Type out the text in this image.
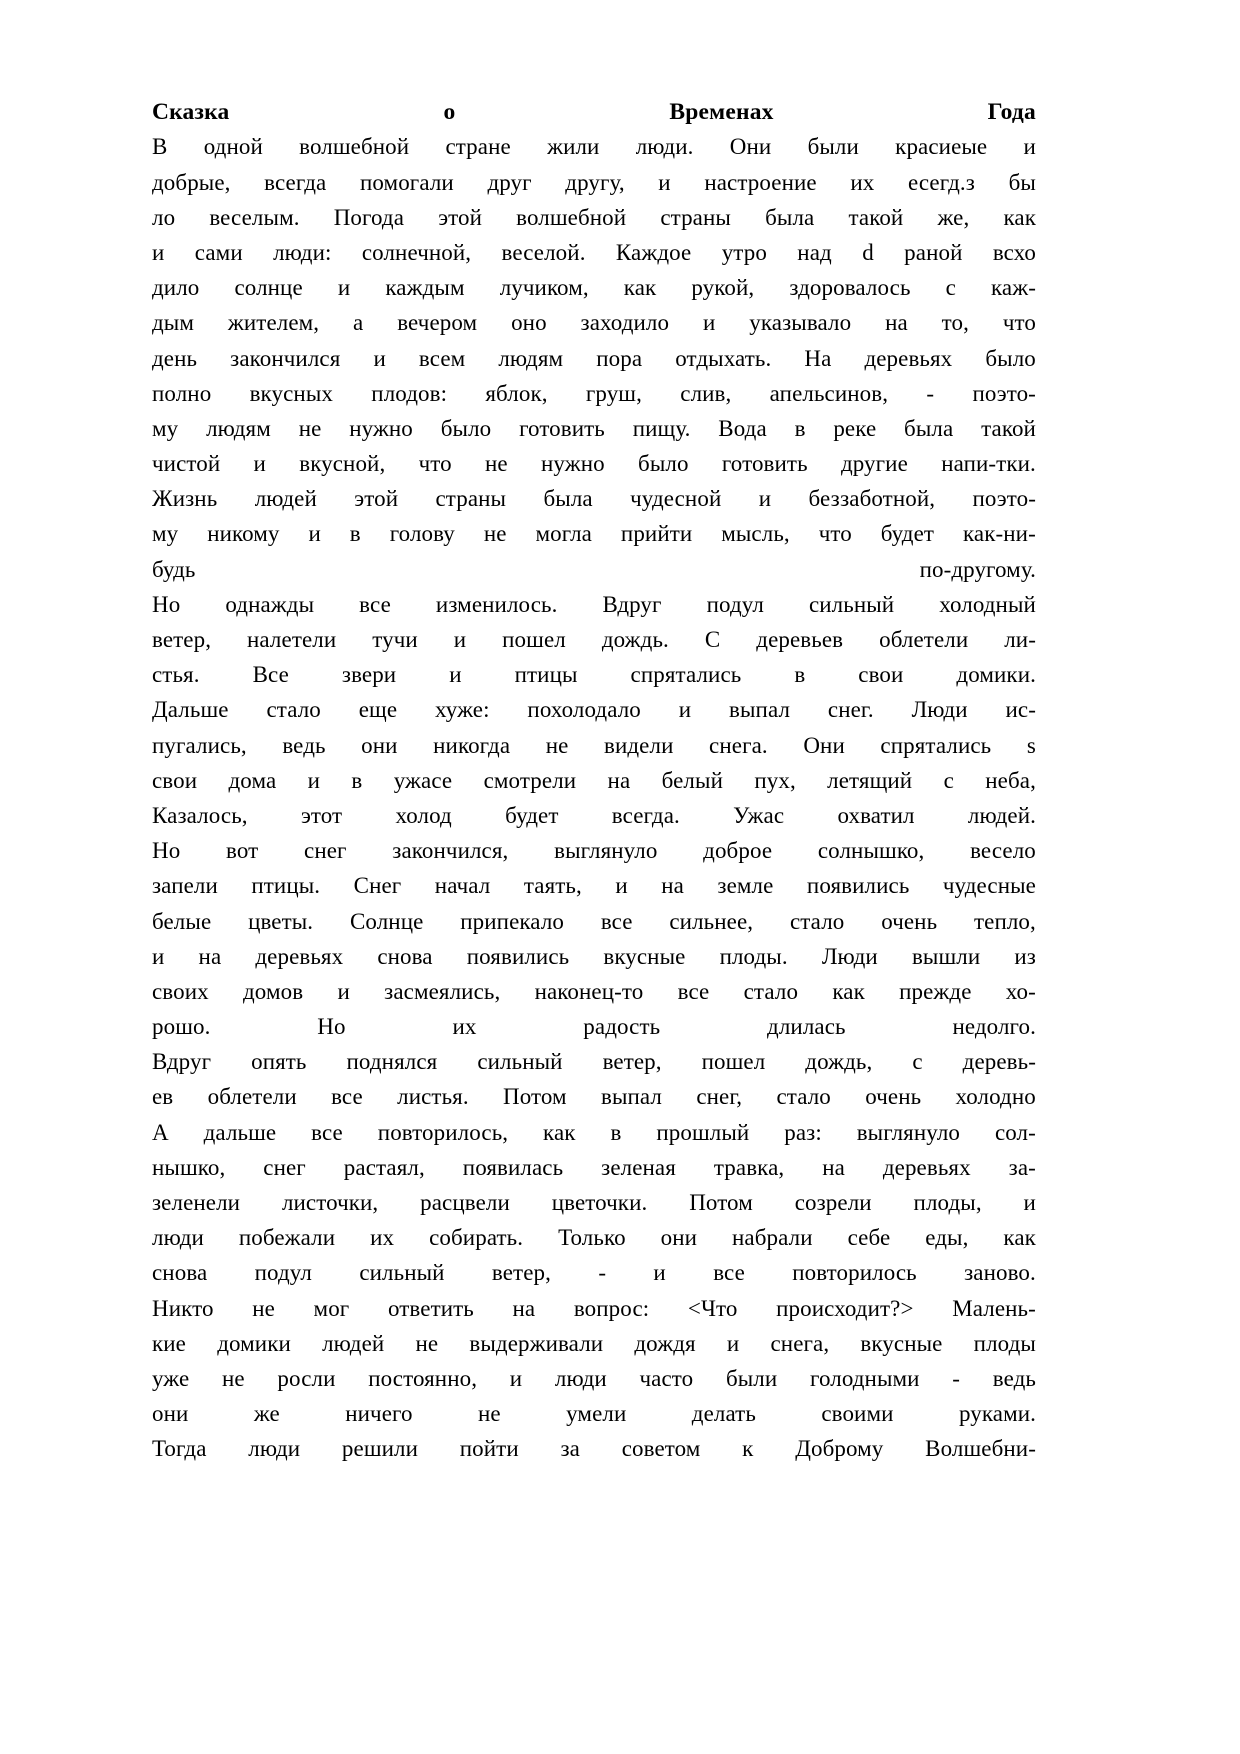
Сказка	о	Временах	Года
В одной волшебной стране жили люди. Они были красиеые и
добрые, всегда помогали друг другу, и настроение их есегд.з бы
ло веселым. Погода этой волшебной страны была такой же, как
и сами люди: солнечной, веселой. Каждое утро над d раной всхо
дило солнце и каждым лучиком, как рукой, здоровалось с каж-
дым жителем, а вечером оно заходило и указывало на то, что
день закончился и всем людям пора отдыхать. На деревьях было
полно вкусных плодов: яблок, груш, слив, апельсинов, - поэто-
му людям не нужно было готовить пищу. Вода в реке была такой
чистой и вкусной, что не нужно было готовить другие напи-тки.
Жизнь людей этой страны была чудесной и беззаботной, поэто-
му никому и в голову не могла прийти мысль, что будет как-ни-
будь	по-другому.
Но однажды все изменилось. Вдруг подул сильный холодный
ветер, налетели тучи и пошел дождь. С деревьев облетели ли-
стья. Все звери и птицы спрятались в свои домики.
Дальше стало еще хуже: похолодало и выпал снег. Люди ис-
пугались, ведь они никогда не видели снега. Они спрятались s
свои дома и в ужасе смотрели на белый пух, летящий с неба,
Казалось, этот холод будет всегда. Ужас охватил людей.
Но вот снег закончился, выглянуло доброе солнышко, весело
запели птицы. Снег начал таять, и на земле появились чудесные
белые цветы. Солнце припекало все сильнее, стало очень тепло,
и на деревьях снова появились вкусные плоды. Люди вышли из
своих домов и засмеялись, наконец-то все стало как прежде хо-
рошо.	Но	их	радость	длилась	недолго.
Вдруг опять поднялся сильный ветер, пошел дождь, с деревь-
ев облетели все листья. Потом выпал снег, стало очень холодно
А дальше все повторилось, как в прошлый раз: выглянуло сол-
нышко, снег растаял, появилась зеленая травка, на деревьях за-
зеленели листочки, расцвели цветочки. Потом созрели плоды, и
люди побежали их собирать. Только они набрали себе еды, как
снова подул сильный ветер, - и все повторилось заново.
Никто не мог ответить на вопрос: <Что происходит?> Малень-
кие домики людей не выдерживали дождя и снега, вкусные плоды
уже не росли постоянно, и люди часто были голодными - ведь
они	же	ничего	не	умели	делать	своими	руками.
Тогда люди решили пойти за советом к Доброму Волшебни-
